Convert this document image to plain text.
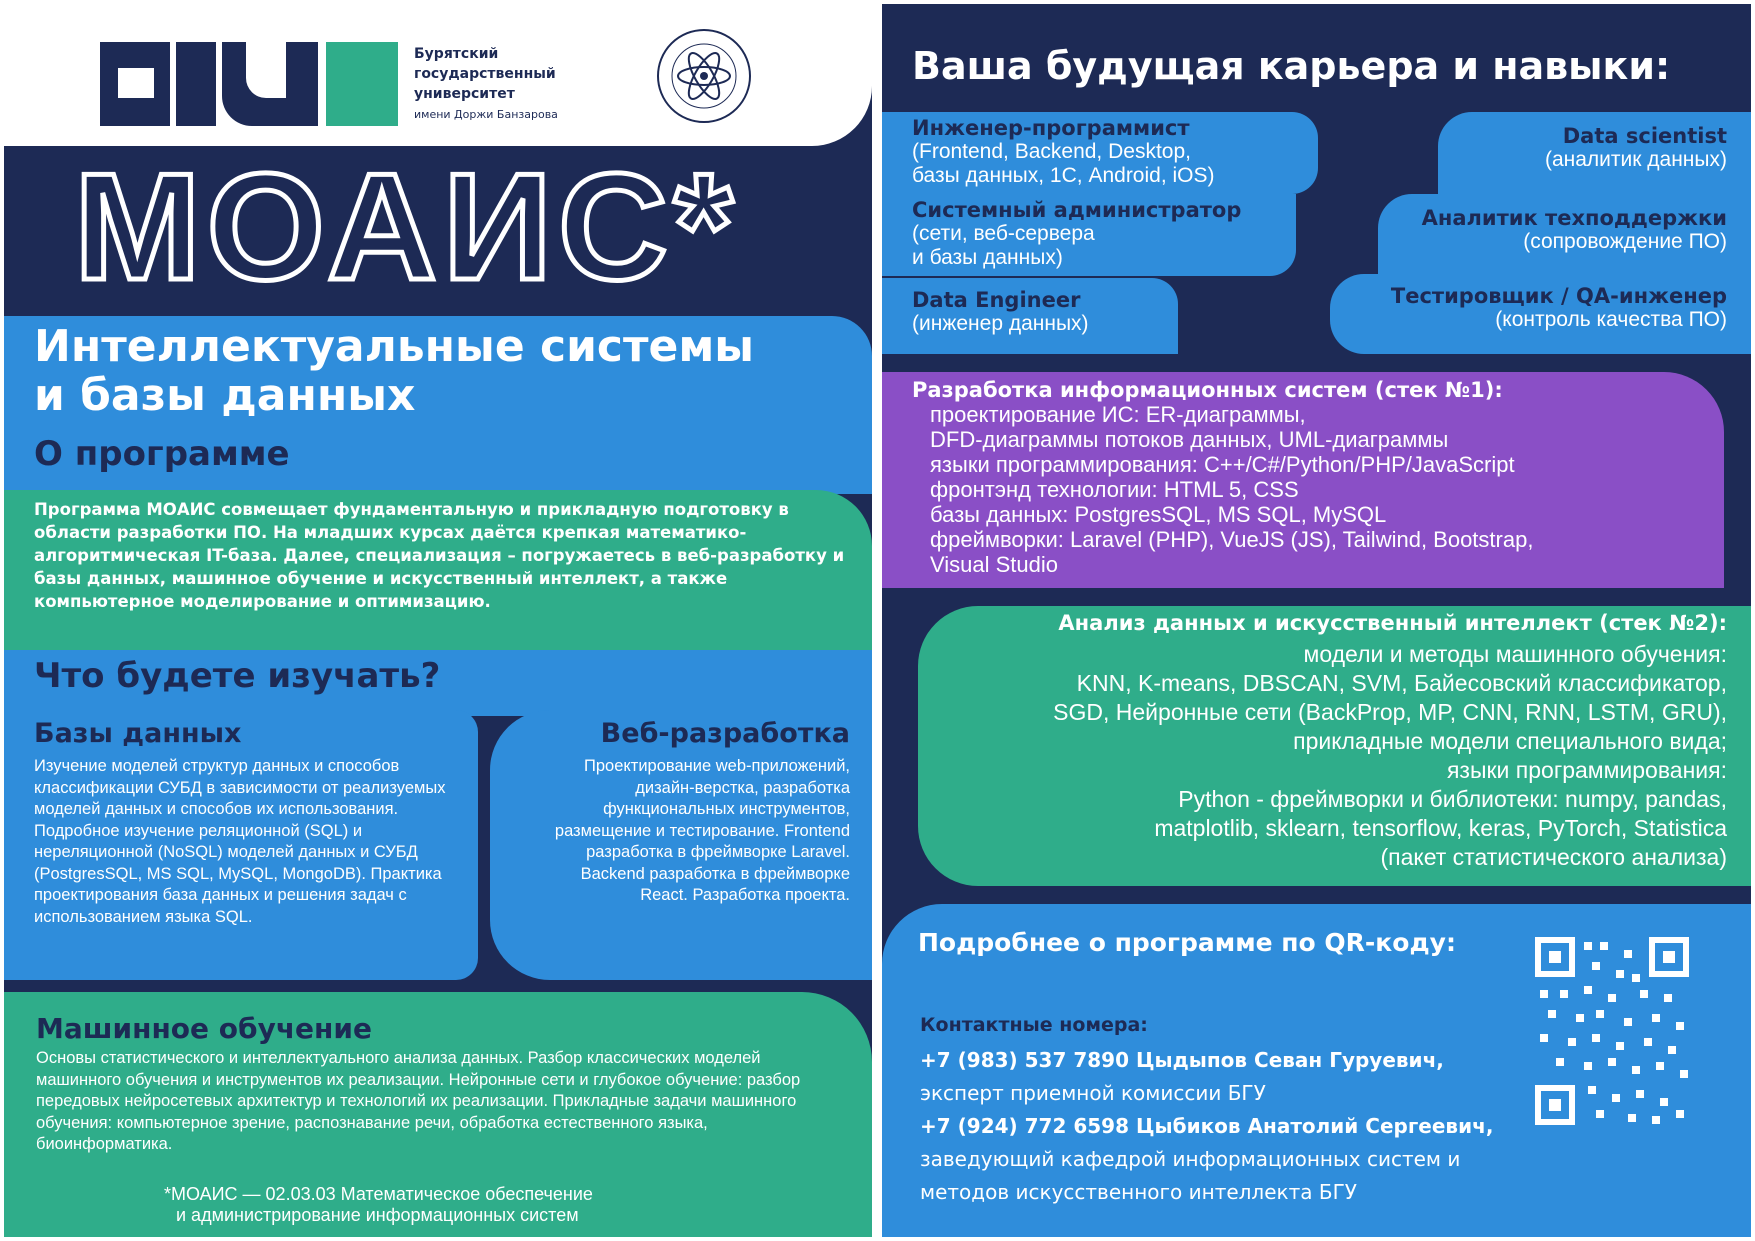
Бурятский
государственный
университет
имени Доржи Банзарова
МОАИС*
Интеллектуальные системы
и базы данных
О программе
Программа МОАИС совмещает фундаментальную и прикладную подготовку в области разработки ПО. На младших курсах даётся крепкая математико-алгоритмическая IT-база. Далее, специализация – погружаетесь в веб-разработку и базы данных, машинное обучение и искусственный интеллект, а также компьютерное моделирование и оптимизацию.
Что будете изучать?
Базы данных
Изучение моделей структур данных и способов классификации СУБД в зависимости от реализуемых моделей данных и способов их использования. Подробное изучение реляционной (SQL) и нереляционной (NoSQL) моделей данных и СУБД (PostgresSQL, MS SQL, MySQL, MongoDB). Практика проектирования база данных и решения задач с использованием языка SQL.
Веб-разработка
Проектирование web-приложений, дизайн-верстка, разработка функциональных инструментов, размещение и тестирование. Frontend разработка в фреймворке Laravel. Backend разработка в фреймворке React. Разработка проекта.
Машинное обучение
Основы статистического и интеллектуального анализа данных. Разбор классических моделей машинного обучения и инструментов их реализации. Нейронные сети и глубокое обучение: разбор передовых нейросетевых архитектур и технологий их реализации. Прикладные задачи машинного обучения: компьютерное зрение, распознавание речи, обработка естественного языка, биоинформатика.
*МОАИС — 02.03.03 Математическое обеспечение
и администрирование информационных систем
Ваша будущая карьера и навыки:
Инженер-программист
(Frontend, Backend, Desktop,
базы данных, 1С, Android, iOS)
Системный администратор
(сети, веб-сервера
и базы данных)
Data Engineer
(инженер данных)
Data scientist
(аналитик данных)
Аналитик техподдержки
(сопровождение ПО)
Тестировщик / QA-инженер
(контроль качества ПО)
Разработка информационных систем (стек №1):
проектирование ИС: ER-диаграммы,
DFD-диаграммы потоков данных, UML-диаграммы
языки программирования: C++/C#/Python/PHP/JavaScript
фронтэнд технологии: HTML 5, CSS
базы данных: PostgresSQL, MS SQL, MySQL
фреймворки: Laravel (PHP), VueJS (JS), Tailwind, Bootstrap,
Visual Studio
Анализ данных и искусственный интеллект (стек №2):
модели и методы машинного обучения:
KNN, K-means, DBSCAN, SVM, Байесовский классификатор,
SGD, Нейронные сети (BackProp, MP, CNN, RNN, LSTM, GRU),
прикладные модели специального вида;
языки программирования:
Python - фреймворки и библиотеки: numpy, pandas,
matplotlib, sklearn, tensorflow, keras, PyTorch, Statistica
(пакет статистического анализа)
Подробнее о программе по QR-коду:
Контактные номера:
+7 (983) 537 7890 Цыдыпов Севан Гуруевич,
эксперт приемной комиссии БГУ
+7 (924) 772 6598 Цыбиков Анатолий Сергеевич,
заведующий кафедрой информационных систем и
методов искусственного интеллекта БГУ
